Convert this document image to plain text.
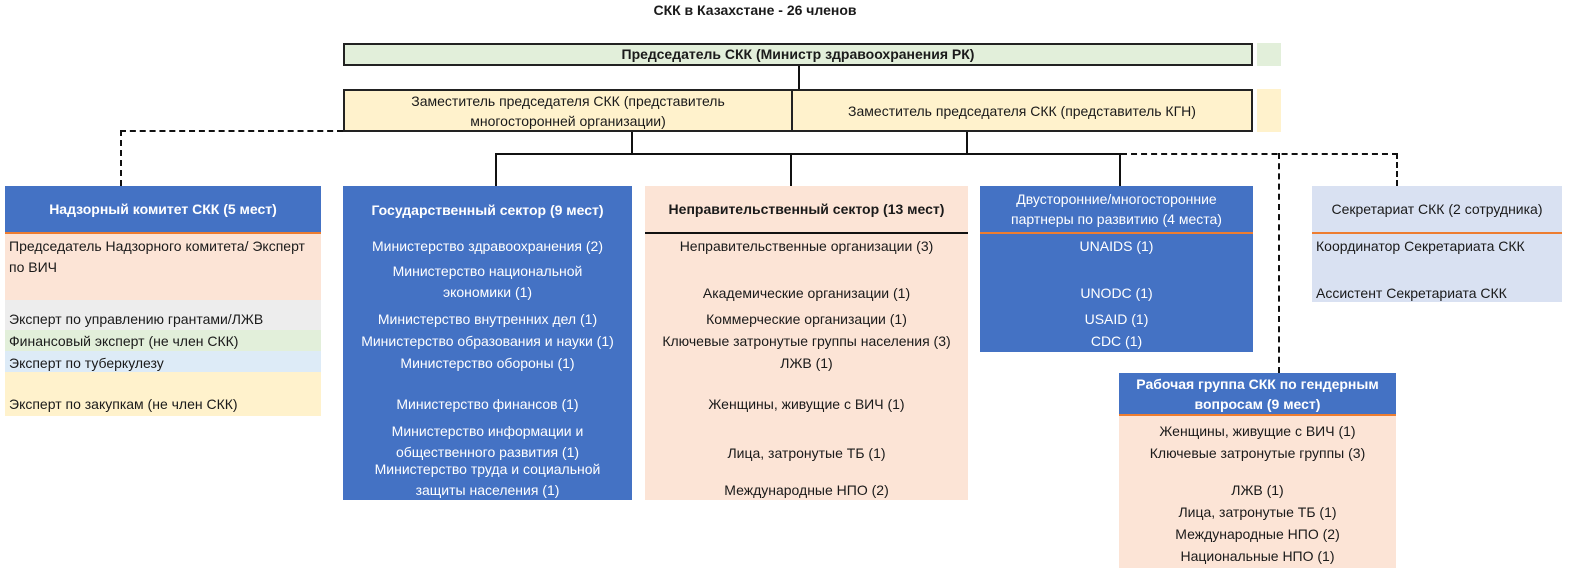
СКК в Казахстане - 26 членов
Председатель СКК (Министр здравоохранения РК)
Заместитель председателя СКК (представитель многосторонней организации)
Заместитель председателя СКК (представитель КГН)
Надзорный комитет СКК (5 мест)
Председатель Надзорного комитета/ Эксперт по ВИЧ
Эксперт по управлению грантами/ЛЖВ
Финансовый эксперт (не член СКК)
Эксперт по туберкулезу
Эксперт по закупкам (не член СКК)
Государственный сектор (9 мест)
Министерство здравоохранения (2)
Министерство национальной экономики (1)
Министерство внутренних дел (1)
Министерство образования и науки (1)
Министерство обороны (1)
Министерство финансов (1)
Министерство информации и общественного развития (1)
Министерство труда и социальной защиты населения (1)
Неправительственный сектор (13 мест)
Неправительственные организации (3)
Академические организации (1)
Коммерческие организации (1)
Ключевые затронутые группы населения (3)
ЛЖВ (1)
Женщины, живущие с ВИЧ (1)
Лица, затронутые ТБ (1)
Международные НПО (2)
Двусторонние/многосторонние партнеры по развитию (4 места)
UNAIDS (1)
UNODC (1)
USAID (1)
CDC (1)
Секретариат СКК (2 сотрудника)
Координатор Секретариата СКК
Ассистент Секретариата СКК
Рабочая группа СКК по гендерным вопросам (9 мест)
Женщины, живущие с ВИЧ (1)
Ключевые затронутые группы (3)
ЛЖВ (1)
Лица, затронутые ТБ (1)
Международные НПО (2)
Национальные НПО (1)
